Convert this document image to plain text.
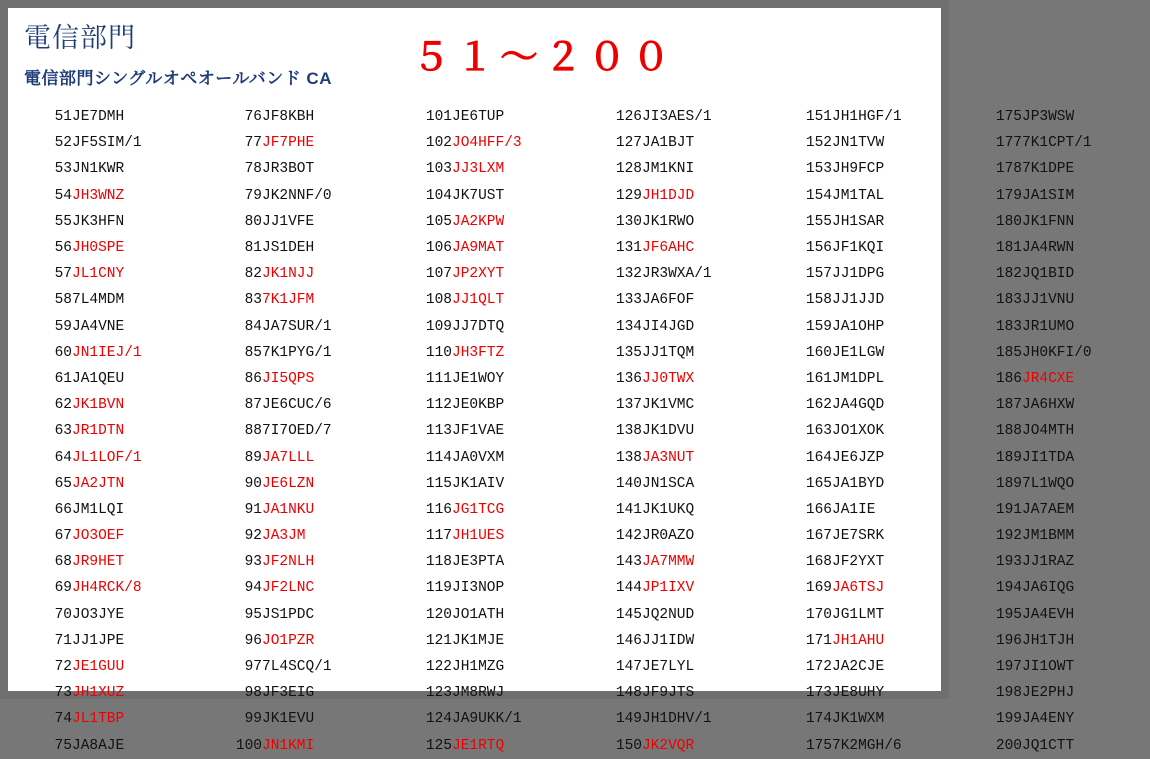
電信部門
電信部門シングルオペオールバンド CA ５１～２００
51	JE7DMH		76	JF8KBH		101	JE6TUP		126	JI3AES/1		151	JH1HGF/1		175	JP3WSW
52	JF5SIM/1		77	JF7PHE		102	JO4HFF/3		127	JA1BJT		152	JN1TVW		177	7K1CPT/1
53	JN1KWR		78	JR3BOT		103	JJ3LXM		128	JM1KNI		153	JH9FCP		178	7K1DPE
54	JH3WNZ		79	JK2NNF/0		104	JK7UST		129	JH1DJD		154	JM1TAL		179	JA1SIM
55	JK3HFN		80	JJ1VFE		105	JA2KPW		130	JK1RWO		155	JH1SAR		180	JK1FNN
56	JH0SPE		81	JS1DEH		106	JA9MAT		131	JF6AHC		156	JF1KQI		181	JA4RWN
57	JL1CNY		82	JK1NJJ		107	JP2XYT		132	JR3WXA/1		157	JJ1DPG		182	JQ1BID
58	7L4MDM		83	7K1JFM		108	JJ1QLT		133	JA6FOF		158	JJ1JJD		183	JJ1VNU
59	JA4VNE		84	JA7SUR/1		109	JJ7DTQ		134	JI4JGD		159	JA1OHP		183	JR1UMO
60	JN1IEJ/1		85	7K1PYG/1		110	JH3FTZ		135	JJ1TQM		160	JE1LGW		185	JH0KFI/0
61	JA1QEU		86	JI5QPS		111	JE1WOY		136	JJ0TWX		161	JM1DPL		186	JR4CXE
62	JK1BVN		87	JE6CUC/6		112	JE0KBP		137	JK1VMC		162	JA4GQD		187	JA6HXW
63	JR1DTN		88	7I7OED/7		113	JF1VAE		138	JK1DVU		163	JO1XOK		188	JO4MTH
64	JL1LOF/1		89	JA7LLL		114	JA0VXM		138	JA3NUT		164	JE6JZP		189	JI1TDA
65	JA2JTN		90	JE6LZN		115	JK1AIV		140	JN1SCA		165	JA1BYD		189	7L1WQO
66	JM1LQI		91	JA1NKU		116	JG1TCG		141	JK1UKQ		166	JA1IE		191	JA7AEM
67	JO3OEF		92	JA3JM		117	JH1UES		142	JR0AZO		167	JE7SRK		192	JM1BMM
68	JR9HET		93	JF2NLH		118	JE3PTA		143	JA7MMW		168	JF2YXT		193	JJ1RAZ
69	JH4RCK/8		94	JF2LNC		119	JI3NOP		144	JP1IXV		169	JA6TSJ		194	JA6IQG
70	JO3JYE		95	JS1PDC		120	JO1ATH		145	JQ2NUD		170	JG1LMT		195	JA4EVH
71	JJ1JPE		96	JO1PZR		121	JK1MJE		146	JJ1IDW		171	JH1AHU		196	JH1TJH
72	JE1GUU		97	7L4SCQ/1		122	JH1MZG		147	JE7LYL		172	JA2CJE		197	JI1OWT
73	JH1XUZ		98	JF3EIG		123	JM8RWJ		148	JF9JTS		173	JE8UHY		198	JE2PHJ
74	JL1TBP		99	JK1EVU		124	JA9UKK/1		149	JH1DHV/1		174	JK1WXM		199	JA4ENY
75	JA8AJE		100	JN1KMI		125	JE1RTQ		150	JK2VQR		175	7K2MGH/6		200	JQ1CTT
